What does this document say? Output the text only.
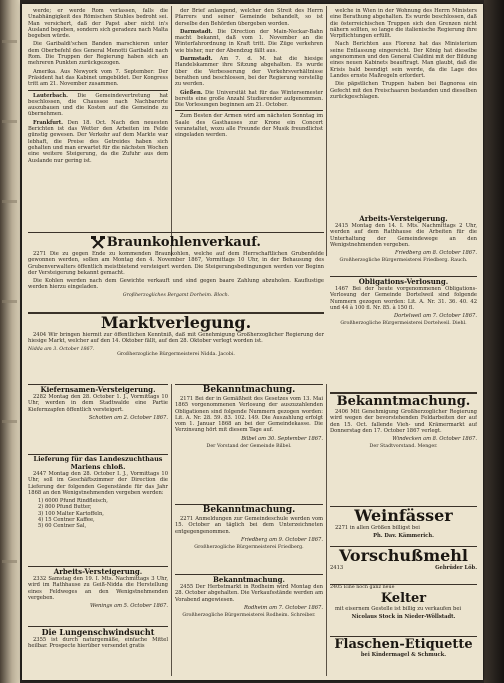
werde; er werde Rom verlassen, falls die Unabhängigkeit des Römischen Stuhles bedroht sei. Man versichert, daß der Papst aber nicht in's Ausland begeben, sondern sich geradezu nach Malta begeben würde.
Die Garibaldi'schen Banden marschieren unter dem Oberbefehl des General Menotti Garibaldi nach Rom. Die Truppen der Regierung haben sich an mehreren Punkten zurückgezogen.
Amerika. Aus Newyork vom 7. September: Der Präsident hat das Kabinet umgebildet. Der Kongress tritt am 21. November zusammen.
Lauterbach. Die Gemeindevertretung hat beschlossen, die Chaussee nach Nachbarorte auszubauen und die Kosten auf die Gemeinde zu übernehmen.
Frankfurt. Den 18. Oct. Nach den neuesten Berichten ist das Wetter den Arbeiten im Felde günstig gewesen. Der Verkehr auf dem Markte war lebhaft, die Preise des Getreides haben sich gehalten und man erwartet für die nächsten Wochen eine weitere Steigerung, da die Zufuhr aus dem Auslande nur gering ist.
der Brief anlangend, welcher den Streit des Herrn Pfarrers und seiner Gemeinde behandelt, so ist derselbe den Behörden übergeben worden.
Darmstadt. Die Direction der Main-Neckar-Bahn macht bekannt, daß vom 1. November an die Winterfahrordnung in Kraft tritt. Die Züge verkehren wie bisher, nur der Abendzug fällt aus.
Darmstadt. Am 7. d. M. hat die hiesige Handelskammer ihre Sitzung abgehalten. Es wurde über die Verbesserung der Verkehrsverhältnisse berathen und beschlossen, bei der Regierung vorstellig zu werden.
Gießen. Die Universität hat für das Wintersemester bereits eine große Anzahl Studierender aufgenommen. Die Vorlesungen beginnen am 21. October.
Zum Besten der Armen wird am nächsten Sonntag im Saale des Gasthauses zur Krone ein Concert veranstaltet, wozu alle Freunde der Musik freundlichst eingeladen werden.
welche in Wien in der Wohnung des Herrn Ministers eine Berathung abgehalten. Es wurde beschlossen, daß die österreichischen Truppen sich den Grenzen nicht nähern sollten, so lange die italienische Regierung ihre Verpflichtungen erfüllt.
Nach Berichten aus Florenz hat das Ministerium seine Entlassung eingereicht. Der König hat dieselbe angenommen und den General Cialdini mit der Bildung eines neuen Kabinets beauftragt. Man glaubt, daß die Krisis bald beendigt sein werde, da die Lage des Landes ernste Maßregeln erfordert.
Die päpstlichen Truppen haben bei Bagnorea ein Gefecht mit den Freischaaren bestanden und dieselben zurückgeschlagen.
Arbeits-Versteigerung.
2415 Montag den 14. I. Mts. Nachmittags 2 Uhr, werden auf dem Rathhause die Arbeiten für die Unterhaltung der Gemeindewege an den Wenigstnehmenden vergeben.
Friedberg am 8. October 1867.
Großherzogliche Bürgermeisterei Friedberg. Rauch.
Braunkohlenverkauf.
2271 Die zu gegen Ende zu kommenden Braunkohlen, welche auf dem Herrschaftlichen Grubenfelde gewonnen werden, sollen am Montag den 4. November 1867, Vormittags 10 Uhr, in der Behausung des Grubenverwalters öffentlich meistbietend versteigert werden. Die Steigerungsbedingungen werden vor Beginn der Versteigerung bekannt gemacht.
Die Kohlen werden nach dem Gewichte verkauft und sind gegen baare Zahlung abzuholen. Kauflustige werden hierzu eingeladen.
Großherzogliches Bergamt Dorheim. Bloch.
Marktverlegung.
2404 Wir bringen hiermit zur öffentlichen Kenntniß, daß mit Genehmigung Großherzoglicher Regierung der hiesige Markt, welcher auf den 14. Oktober fällt, auf den 28. Oktober verlegt worden ist.
Nidda am 3. October 1867.
Großherzogliche Bürgermeisterei Nidda. Jacobi.
Obligations-Verlosung.
1467 Bei der heute vorgenommenen Obligations-Verlosung der Gemeinde Dortelweil sind folgende Nummern gezogen worden: Lit. A. Nr. 31. 36. 40. 42 und 44 à 100 fl. Nr. 85. à 150 fl.
Dortelweil am 7. October 1867.
Großherzogliche Bürgermeisterei Dortelweil. Diehl.
Kiefernsamen-Versteigerung.
2282 Montag den 28. October 1. J., Vormittags 10 Uhr, werden in dem Stadtwalde eine Partie Kiefernzapfen öffentlich versteigert.
Schotten am 2. October 1867.
Lieferung für das Landeszuchthaus Mariens chloß.
2447 Montag den 28. October I. J., Vormittags 10 Uhr, soll im Geschäftszimmer der Direction die Lieferung der folgenden Gegenstände für das Jahr 1868 an den Wenigstnehmenden vergeben werden:
1) 6000 Pfund Rindfleisch,
2) 800 Pfund Butter,
3) 100 Malter Kartoffeln,
4) 15 Centner Kaffee,
5) 60 Centner Sal,
Arbeits-Versteigerung.
2332 Samstag den 19. I. Mts. Nachmittags 3 Uhr, wird im Rathhause zu Geiß-Nidda die Herstellung eines Feldweges an den Wenigstnehmenden vergeben.
Wenings am 5. October 1867.
Die Lungenschwindsucht
2355 ist durch naturgemäße, einfache Mittel heilbar. Prospecte hierüber versendet gratis
Bekanntmachung.
2171 Bei der in Gemäßheit des Gesetzes vom 13. Mai 1865 vorgenommenen Verlosung der auszuzahlenden Obligationen sind folgende Nummern gezogen worden: Lit. A. Nr. 28. 59. 83. 102. 149. Die Auszahlung erfolgt vom 1. Januar 1868 an bei der Gemeindekasse. Die Verzinsung hört mit diesem Tage auf.
Bilbel am 30. September 1867.
Der Vorstand der Gemeinde Bilbel.
Bekanntmachung.
2271 Anmeldungen zur Gemeindeschule werden vom 15. October an täglich bei dem Unterzeichneten entgegengenommen.
Friedberg am 9. October 1867.
Großherzogliche Bürgermeisterei Friedberg.
Bekanntmachung.
2455 Der Herbstmarkt in Rodheim wird Montag den 28. October abgehalten. Die Verkaufsstände werden am Vorabend angewiesen.
Rodheim am 7. October 1867.
Großherzogliche Bürgermeisterei Rodheim. Schreiber.
Bekanntmachung.
2406 Mit Genehmigung Großherzoglicher Regierung wird wegen der bevorstehenden Feldarbeiten der auf den 15. Oct. fallende Vieh- und Krämermarkt auf Donnerstag den 17. October 1867 verlegt.
Windecken am 8. October 1867.
Der Stadtvorstand. Menger.
Weinfässer
2271 in allen Größen billigst bei
Ph. Dav. Kämmerich.
Vorschußmehl
2413	Gebrüder Löb.
2405 Eine noch ganz neue
Kelter
mit eisernem Gestelle ist billig zu verkaufen bei
Nicolaus Stock in Nieder-Wöllstadt.
Flaschen-Etiquette
bei Kindermagel & Schmuck.
